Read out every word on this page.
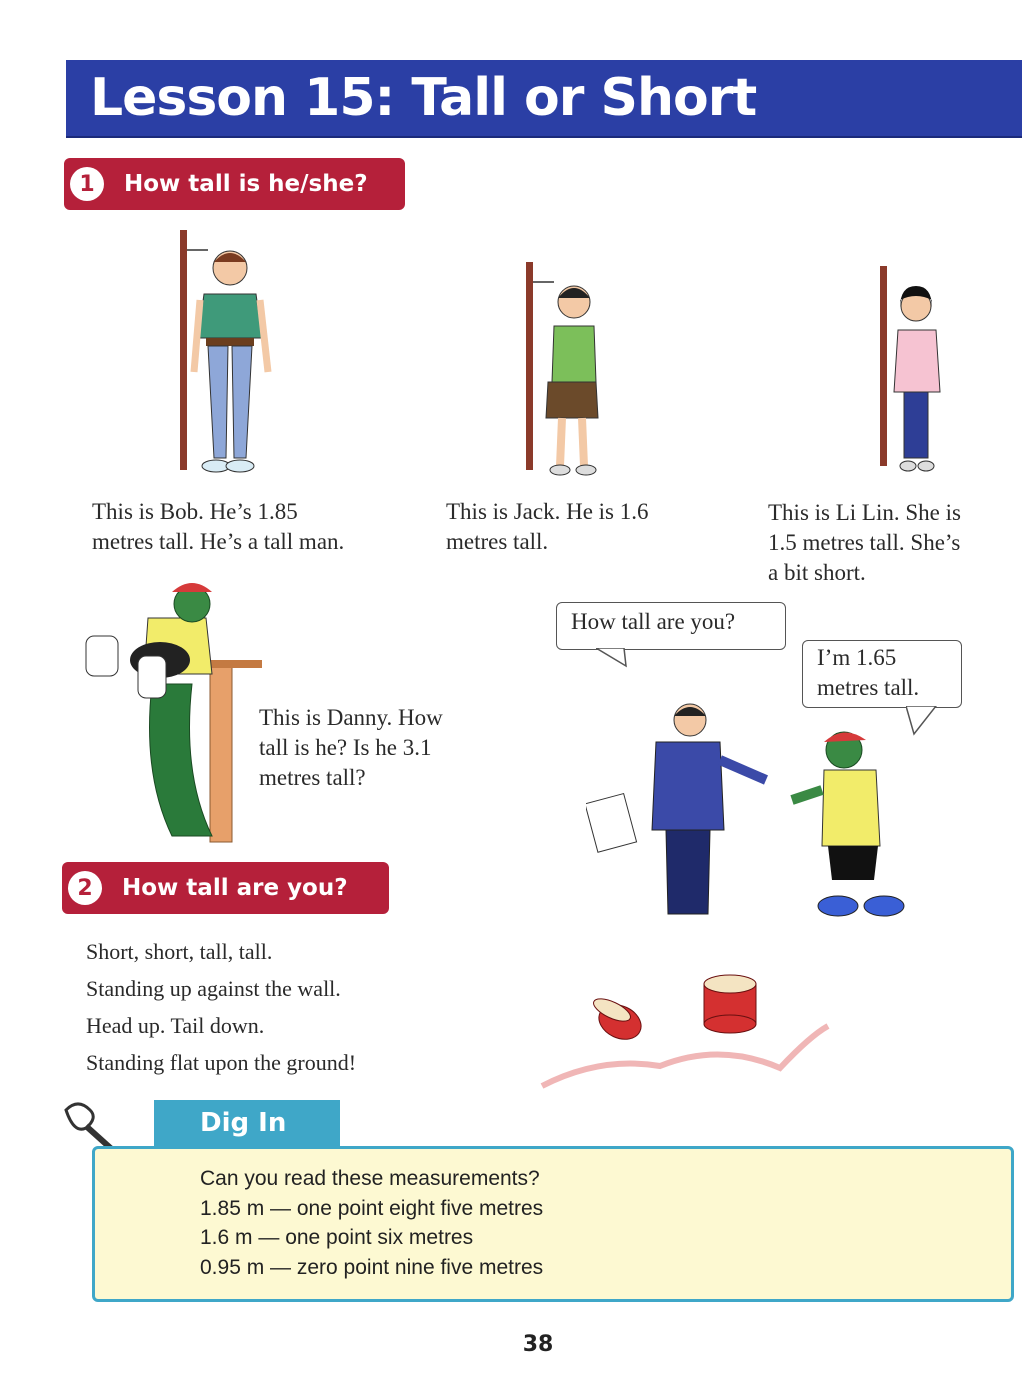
Lesson 15: Tall or Short
1	How tall is he/she?
This is Bob. He’s 1.85
metres tall. He’s a tall man.
This is Jack. He is 1.6
metres tall.
This is Li Lin. She is
1.5 metres tall. She’s
a bit short.
This is Danny. How
tall is he? Is he 3.1
metres tall?
How tall are you?
I’m 1.65
metres tall.
2	How tall are you?
Short, short, tall, tall.
Standing up against the wall.
Head up. Tail down.
Standing flat upon the ground!
Dig In
Can you read these measurements?
1.85 m — one point eight five metres
1.6 m — one point six metres
0.95 m — zero point nine five metres
38
